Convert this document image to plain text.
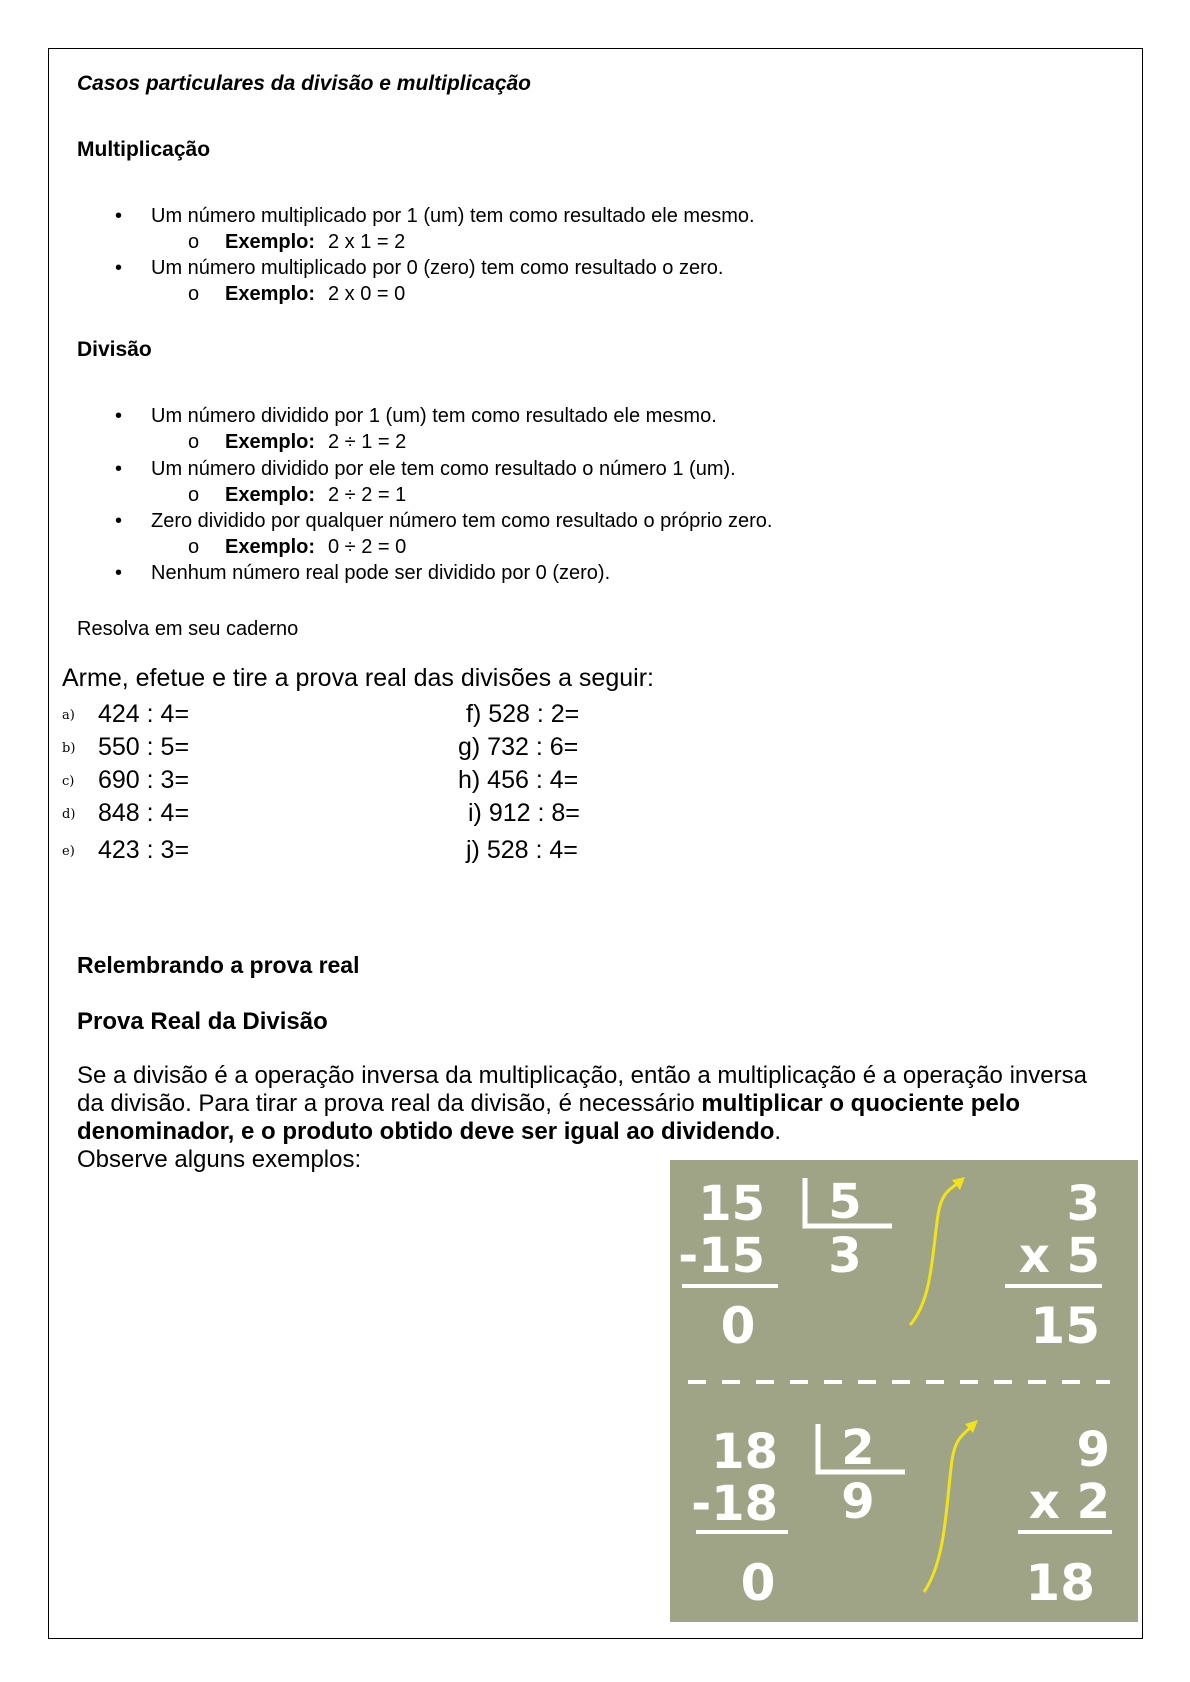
Casos particulares da divisão e multiplicação
Multiplicação
• Um número multiplicado por 1 (um) tem como resultado ele mesmo.
o Exemplo: 2 x 1 = 2
• Um número multiplicado por 0 (zero) tem como resultado o zero.
o Exemplo: 2 x 0 = 0
Divisão
• Um número dividido por 1 (um) tem como resultado ele mesmo.
o Exemplo: 2 ÷ 1 = 2
• Um número dividido por ele tem como resultado o número 1 (um).
o Exemplo: 2 ÷ 2 = 1
• Zero dividido por qualquer número tem como resultado o próprio zero.
o Exemplo: 0 ÷ 2 = 0
• Nenhum número real pode ser dividido por 0 (zero).
Resolva em seu caderno
Arme, efetue e tire a prova real das divisões a seguir:
a) 424 : 4=
b) 550 : 5=
c) 690 : 3=
d) 848 : 4=
e) 423 : 3=
f) 528 : 2=
g) 732 : 6=
h) 456 : 4=
i) 912 : 8=
j) 528 : 4=
Relembrando a prova real
Prova Real da Divisão
Se a divisão é a operação inversa da multiplicação, então a multiplicação é a operação inversa da divisão. Para tirar a prova real da divisão, é necessário multiplicar o quociente pelo denominador, e o produto obtido deve ser igual ao dividendo.
Observe alguns exemplos:
15
-15
0
5
3
3
x 5
15
18
-18
0
2
9
9
x 2
18
